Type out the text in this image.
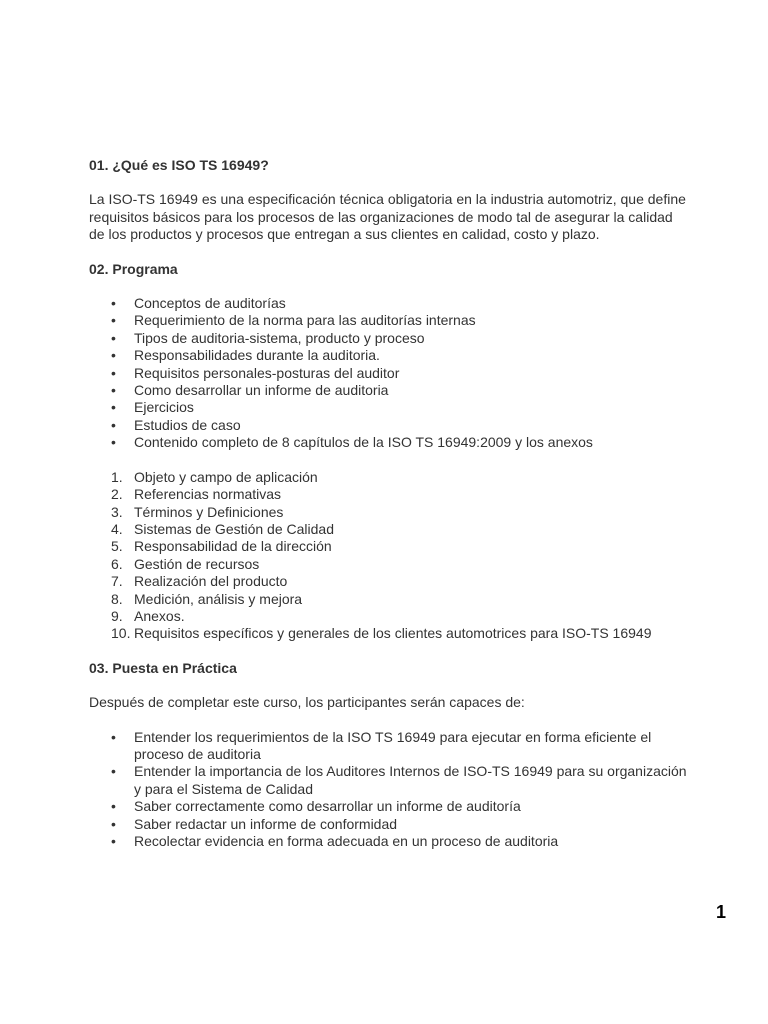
01. ¿Qué es ISO TS 16949?

La ISO-TS 16949 es una especificación técnica obligatoria en la industria automotriz, que define requisitos básicos para los procesos de las organizaciones de modo tal de asegurar la calidad de los productos y procesos que entregan a sus clientes en calidad, costo y plazo.

02. Programa
• Conceptos de auditorías
• Requerimiento de la norma para las auditorías internas
• Tipos de auditoria-sistema, producto y proceso
• Responsabilidades durante la auditoria.
• Requisitos personales-posturas del auditor
• Como desarrollar un informe de auditoria
• Ejercicios
• Estudios de caso
• Contenido completo de 8 capítulos de la ISO TS 16949:2009 y los anexos
1. Objeto y campo de aplicación
2. Referencias normativas
3. Términos y Definiciones
4. Sistemas de Gestión de Calidad
5. Responsabilidad de la dirección
6. Gestión de recursos
7. Realización del producto
8. Medición, análisis y mejora
9. Anexos.
10. Requisitos específicos y generales de los clientes automotrices para ISO-TS 16949
03. Puesta en Práctica

Después de completar este curso, los participantes serán capaces de:

• Entender los requerimientos de la ISO TS 16949 para ejecutar en forma eficiente el proceso de auditoria
• Entender la importancia de los Auditores Internos de ISO-TS 16949 para su organización y para el Sistema de Calidad
• Saber correctamente como desarrollar un informe de auditoría
• Saber redactar un informe de conformidad
• Recolectar evidencia en forma adecuada en un proceso de auditoria
1
